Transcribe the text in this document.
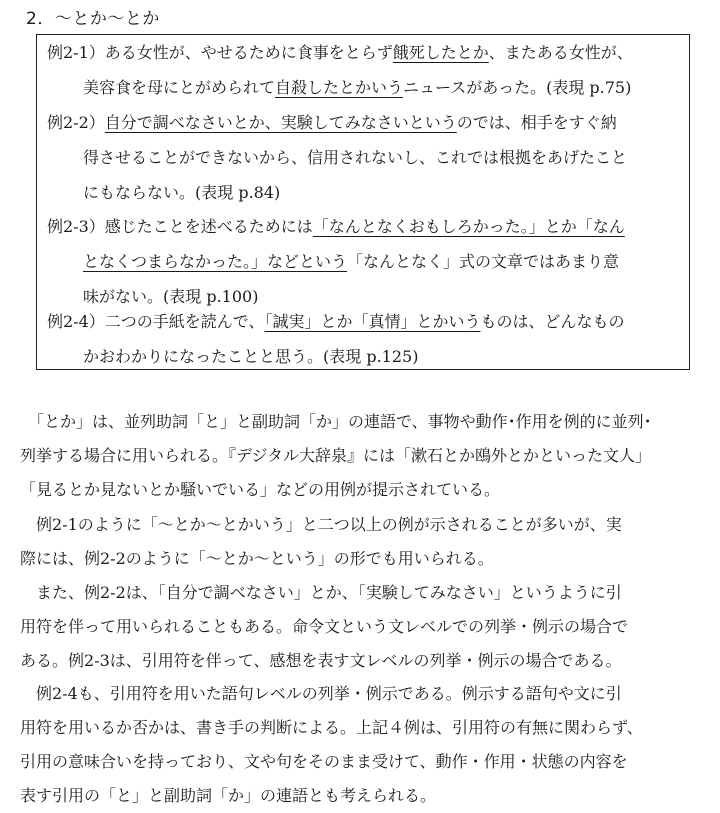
2．～とか～とか
例2-1）ある女性が、やせるために食事をとらず餓死したとか、またある女性が、
美容食を母にとがめられて自殺したとかいうニュースがあった。(表現 p.75)
例2-2）自分で調べなさいとか、実験してみなさいというのでは、相手をすぐ納
得させることができないから、信用されないし、これでは根拠をあげたこと
にもならない。(表現 p.84)
例2-3）感じたことを述べるためには「なんとなくおもしろかった。」とか「なん
となくつまらなかった。」などという「なんとなく」式の文章ではあまり意
味がない。(表現 p.100)
例2-4）二つの手紙を読んで、「誠実」とか「真情」とかいうものは、どんなもの
かおわかりになったことと思う。(表現 p.125)
　「とか」は、並列助詞「と」と副助詞「か」の連語で、事物や動作･作用を例的に並列･
列挙する場合に用いられる。『デジタル大辞泉』には「漱石とか鴎外とかといった文人」
「見るとか見ないとか騒いでいる」などの用例が提示されている。
　例2-1のように「～とか～とかいう」と二つ以上の例が示されることが多いが、実
際には、例2-2のように「～とか～という」の形でも用いられる。
　また、例2-2は、「自分で調べなさい」とか、「実験してみなさい」というように引
用符を伴って用いられることもある。命令文という文レベルでの列挙・例示の場合で
ある。例2-3は、引用符を伴って、感想を表す文レベルの列挙・例示の場合である。
　例2-4も、引用符を用いた語句レベルの列挙・例示である。例示する語句や文に引
用符を用いるか否かは、書き手の判断による。上記４例は、引用符の有無に関わらず、
引用の意味合いを持っており、文や句をそのまま受けて、動作・作用・状態の内容を
表す引用の「と」と副助詞「か」の連語とも考えられる。
